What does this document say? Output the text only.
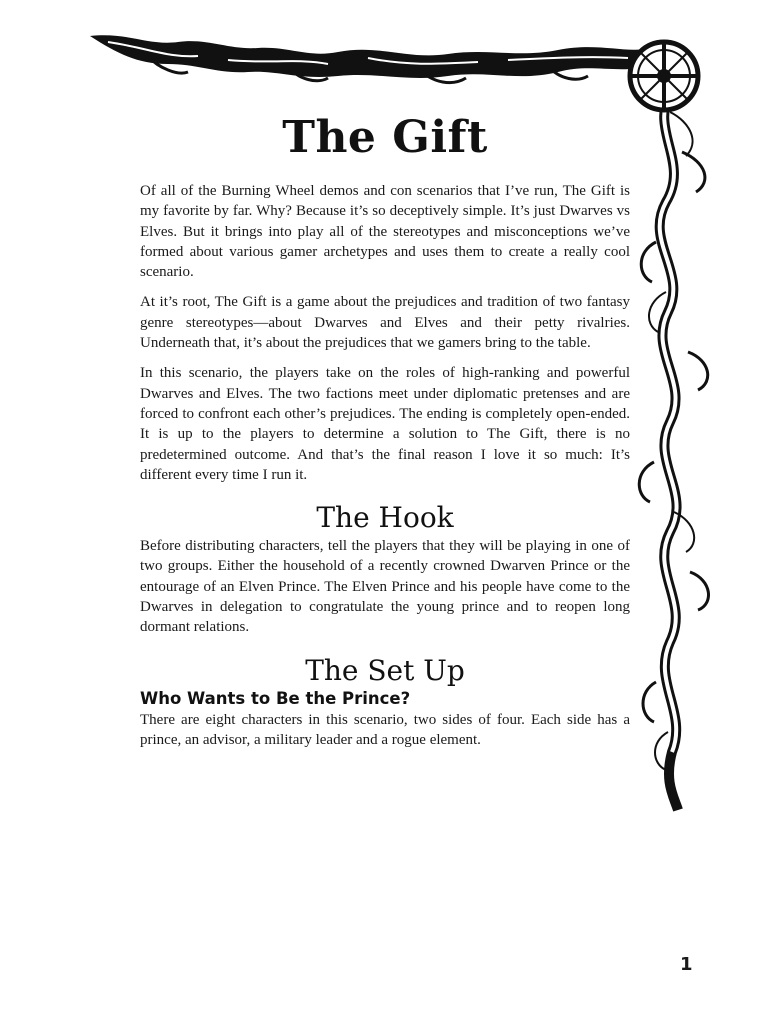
The Gift

Of all of the Burning Wheel demos and con scenarios that I’ve run, The Gift is my favorite by far. Why? Because it’s so deceptively simple. It’s just Dwarves vs Elves. But it brings into play all of the stereotypes and misconceptions we’ve formed about various gamer archetypes and uses them to create a really cool scenario.

At it’s root, The Gift is a game about the prejudices and tradition of two fantasy genre stereotypes—about Dwarves and Elves and their petty rivalries. Underneath that, it’s about the prejudices that we gamers bring to the table.

In this scenario, the players take on the roles of high-ranking and powerful Dwarves and Elves. The two factions meet under diplomatic pretenses and are forced to confront each other’s prejudices. The ending is completely open-ended. It is up to the players to determine a solution to The Gift, there is no predetermined outcome. And that’s the final reason I love it so much: It’s different every time I run it.

The Hook

Before distributing characters, tell the players that they will be playing in one of two groups. Either the household of a recently crowned Dwarven Prince or the entourage of an Elven Prince. The Elven Prince and his people have come to the Dwarves in delegation to congratulate the young prince and to reopen long dormant relations.

The Set Up
Who Wants to Be the Prince?

There are eight characters in this scenario, two sides of four. Each side has a prince, an advisor, a military leader and a rogue element.

1
